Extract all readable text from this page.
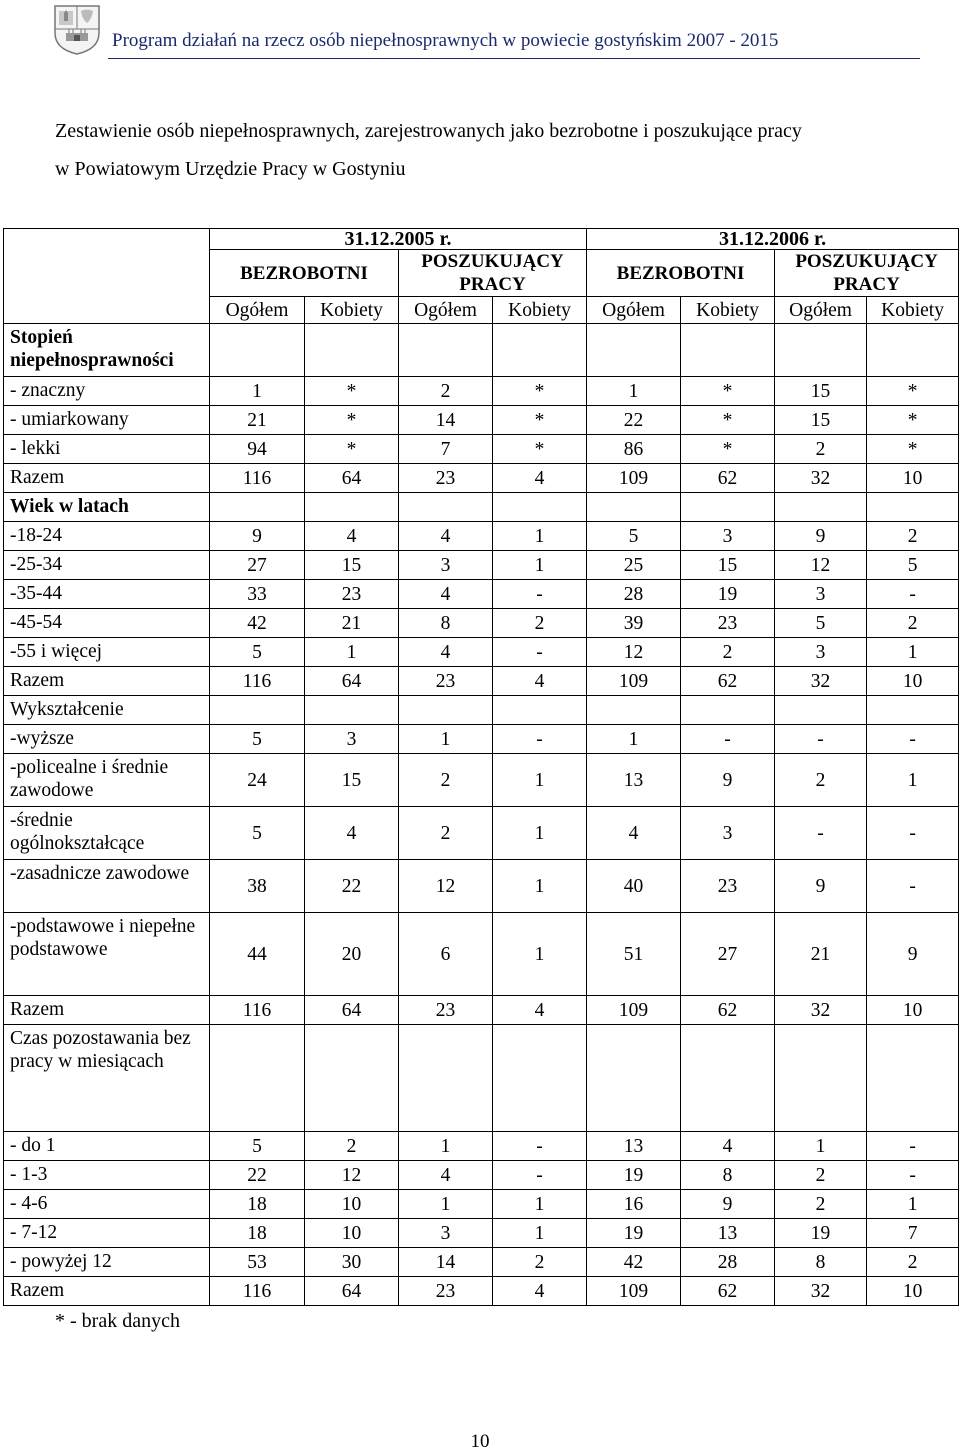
Program działań na rzecz osób niepełnosprawnych w powiecie gostyńskim 2007 - 2015
Zestawienie osób niepełnosprawnych, zarejestrowanych jako bezrobotne i poszukujące pracy
w Powiatowym Urzędzie Pracy w Gostyniu
	31.12.2005 r.				31.12.2006 r.			
	BEZROBOTNI		POSZUKUJĄCY PRACY		BEZROBOTNI		POSZUKUJĄCY PRACY	
	Ogółem	Kobiety	Ogółem	Kobiety	Ogółem	Kobiety	Ogółem	Kobiety
Stopień niepełnosprawności								
- znaczny	1	*	2	*	1	*	15	*
- umiarkowany	21	*	14	*	22	*	15	*
- lekki	94	*	7	*	86	*	2	*
Razem	116	64	23	4	109	62	32	10
Wiek w latach								
-18-24	9	4	4	1	5	3	9	2
-25-34	27	15	3	1	25	15	12	5
-35-44	33	23	4	-	28	19	3	-
-45-54	42	21	8	2	39	23	5	2
-55 i więcej	5	1	4	-	12	2	3	1
Razem	116	64	23	4	109	62	32	10
Wykształcenie								
-wyższe	5	3	1	-	1	-	-	-
-policealne i średnie zawodowe	24	15	2	1	13	9	2	1
-średnie ogólnokształcące	5	4	2	1	4	3	-	-
-zasadnicze zawodowe	38	22	12	1	40	23	9	-
-podstawowe i niepełne podstawowe	44	20	6	1	51	27	21	9
Razem	116	64	23	4	109	62	32	10
Czas pozostawania bez pracy w miesiącach								
- do 1	5	2	1	-	13	4	1	-
- 1-3	22	12	4	-	19	8	2	-
- 4-6	18	10	1	1	16	9	2	1
- 7-12	18	10	3	1	19	13	19	7
- powyżej 12	53	30	14	2	42	28	8	2
Razem	116	64	23	4	109	62	32	10
* - brak danych
10
